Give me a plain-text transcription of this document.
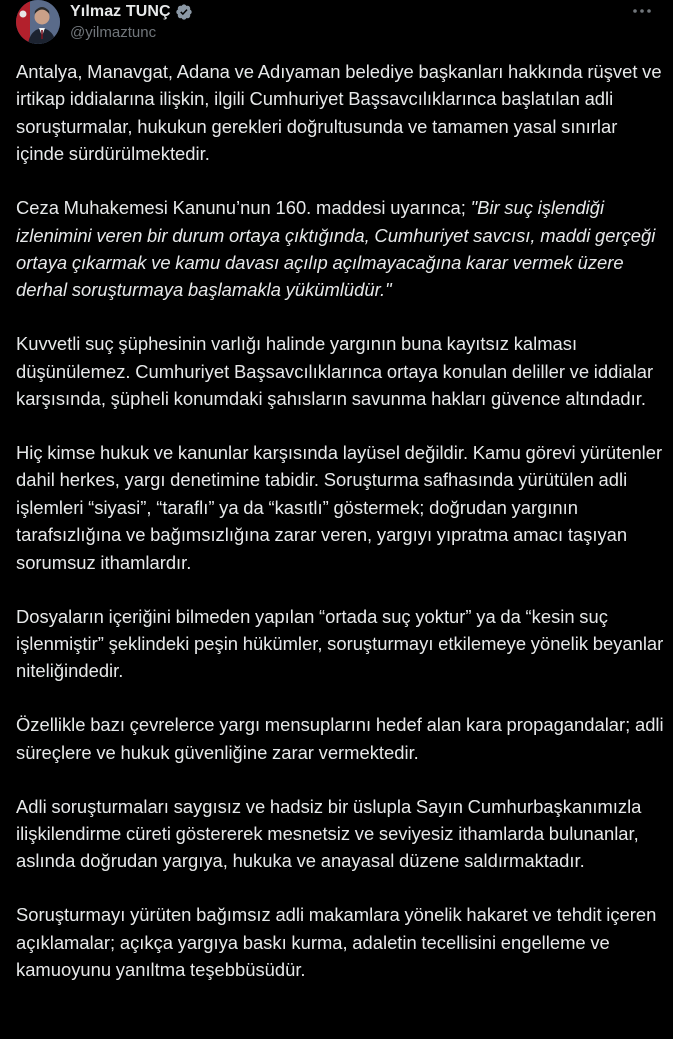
Yılmaz TUNÇ
@yilmaztunc

Antalya, Manavgat, Adana ve Adıyaman belediye başkanları hakkında rüşvet ve irtikap iddialarına ilişkin, ilgili Cumhuriyet Başsavcılıklarınca başlatılan adli soruşturmalar, hukukun gerekleri doğrultusunda ve tamamen yasal sınırlar içinde sürdürülmektedir.

Ceza Muhakemesi Kanunu’nun 160. maddesi uyarınca; "Bir suç işlendiği izlenimini veren bir durum ortaya çıktığında, Cumhuriyet savcısı, maddi gerçeği ortaya çıkarmak ve kamu davası açılıp açılmayacağına karar vermek üzere derhal soruşturmaya başlamakla yükümlüdür."

Kuvvetli suç şüphesinin varlığı halinde yargının buna kayıtsız kalması düşünülemez. Cumhuriyet Başsavcılıklarınca ortaya konulan deliller ve iddialar karşısında, şüpheli konumdaki şahısların savunma hakları güvence altındadır.

Hiç kimse hukuk ve kanunlar karşısında layüsel değildir. Kamu görevi yürütenler dahil herkes, yargı denetimine tabidir. Soruşturma safhasında yürütülen adli işlemleri “siyasi”, “taraflı” ya da “kasıtlı” göstermek; doğrudan yargının tarafsızlığına ve bağımsızlığına zarar veren, yargıyı yıpratma amacı taşıyan sorumsuz ithamlardır.

Dosyaların içeriğini bilmeden yapılan “ortada suç yoktur” ya da “kesin suç işlenmiştir” şeklindeki peşin hükümler, soruşturmayı etkilemeye yönelik beyanlar niteliğindedir.

Özellikle bazı çevrelerce yargı mensuplarını hedef alan kara propagandalar; adli süreçlere ve hukuk güvenliğine zarar vermektedir.

Adli soruşturmaları saygısız ve hadsiz bir üslupla Sayın Cumhurbaşkanımızla ilişkilendirme cüreti göstererek mesnetsiz ve seviyesiz ithamlarda bulunanlar, aslında doğrudan yargıya, hukuka ve anayasal düzene saldırmaktadır.

Soruşturmayı yürüten bağımsız adli makamlara yönelik hakaret ve tehdit içeren açıklamalar; açıkça yargıya baskı kurma, adaletin tecellisini engelleme ve kamuoyunu yanıltma teşebbüsüdür.
